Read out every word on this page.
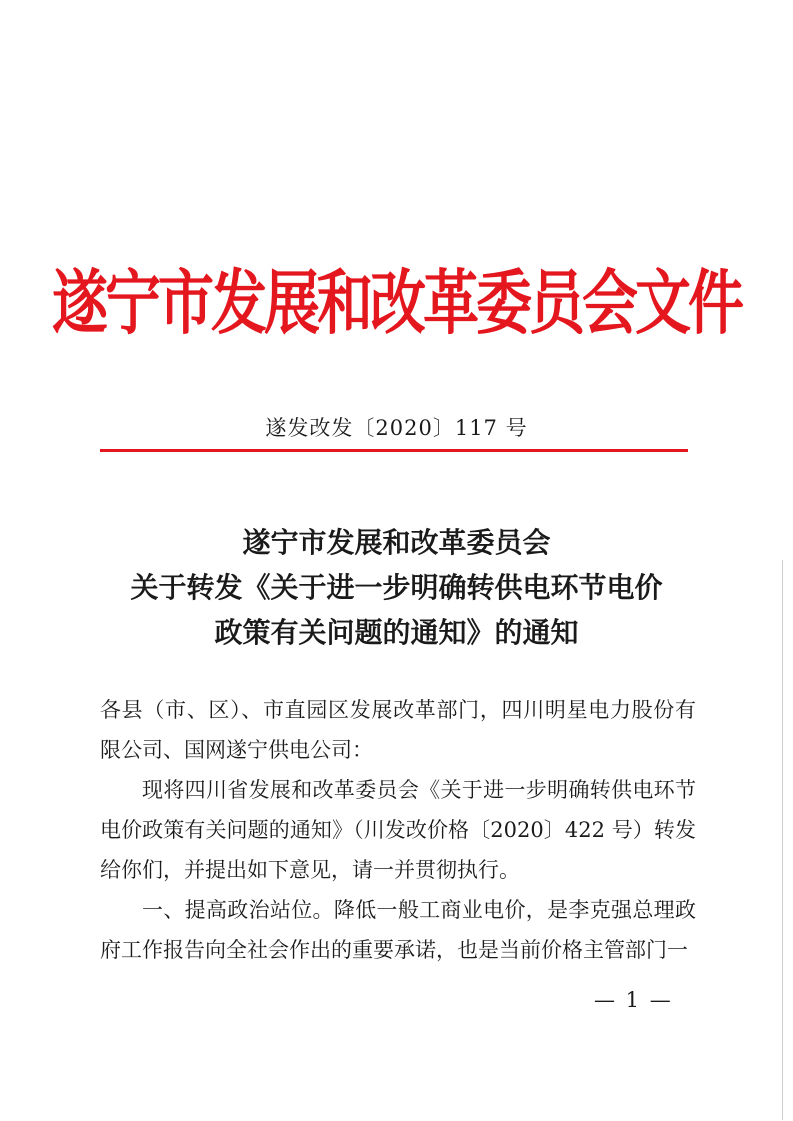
遂宁市发展和改革委员会文件
遂发改发〔2020〕117 号
遂宁市发展和改革委员会
关于转发《关于进一步明确转供电环节电价
政策有关问题的通知》的通知

各县（市、区）、市直园区发展改革部门，四川明星电力股份有限公司、国网遂宁供电公司：

现将四川省发展和改革委员会《关于进一步明确转供电环节电价政策有关问题的通知》（川发改价格〔2020〕422 号）转发给你们，并提出如下意见，请一并贯彻执行。

一、提高政治站位。降低一般工商业电价，是李克强总理政府工作报告向全社会作出的重要承诺，也是当前价格主管部门一

— 1 —
